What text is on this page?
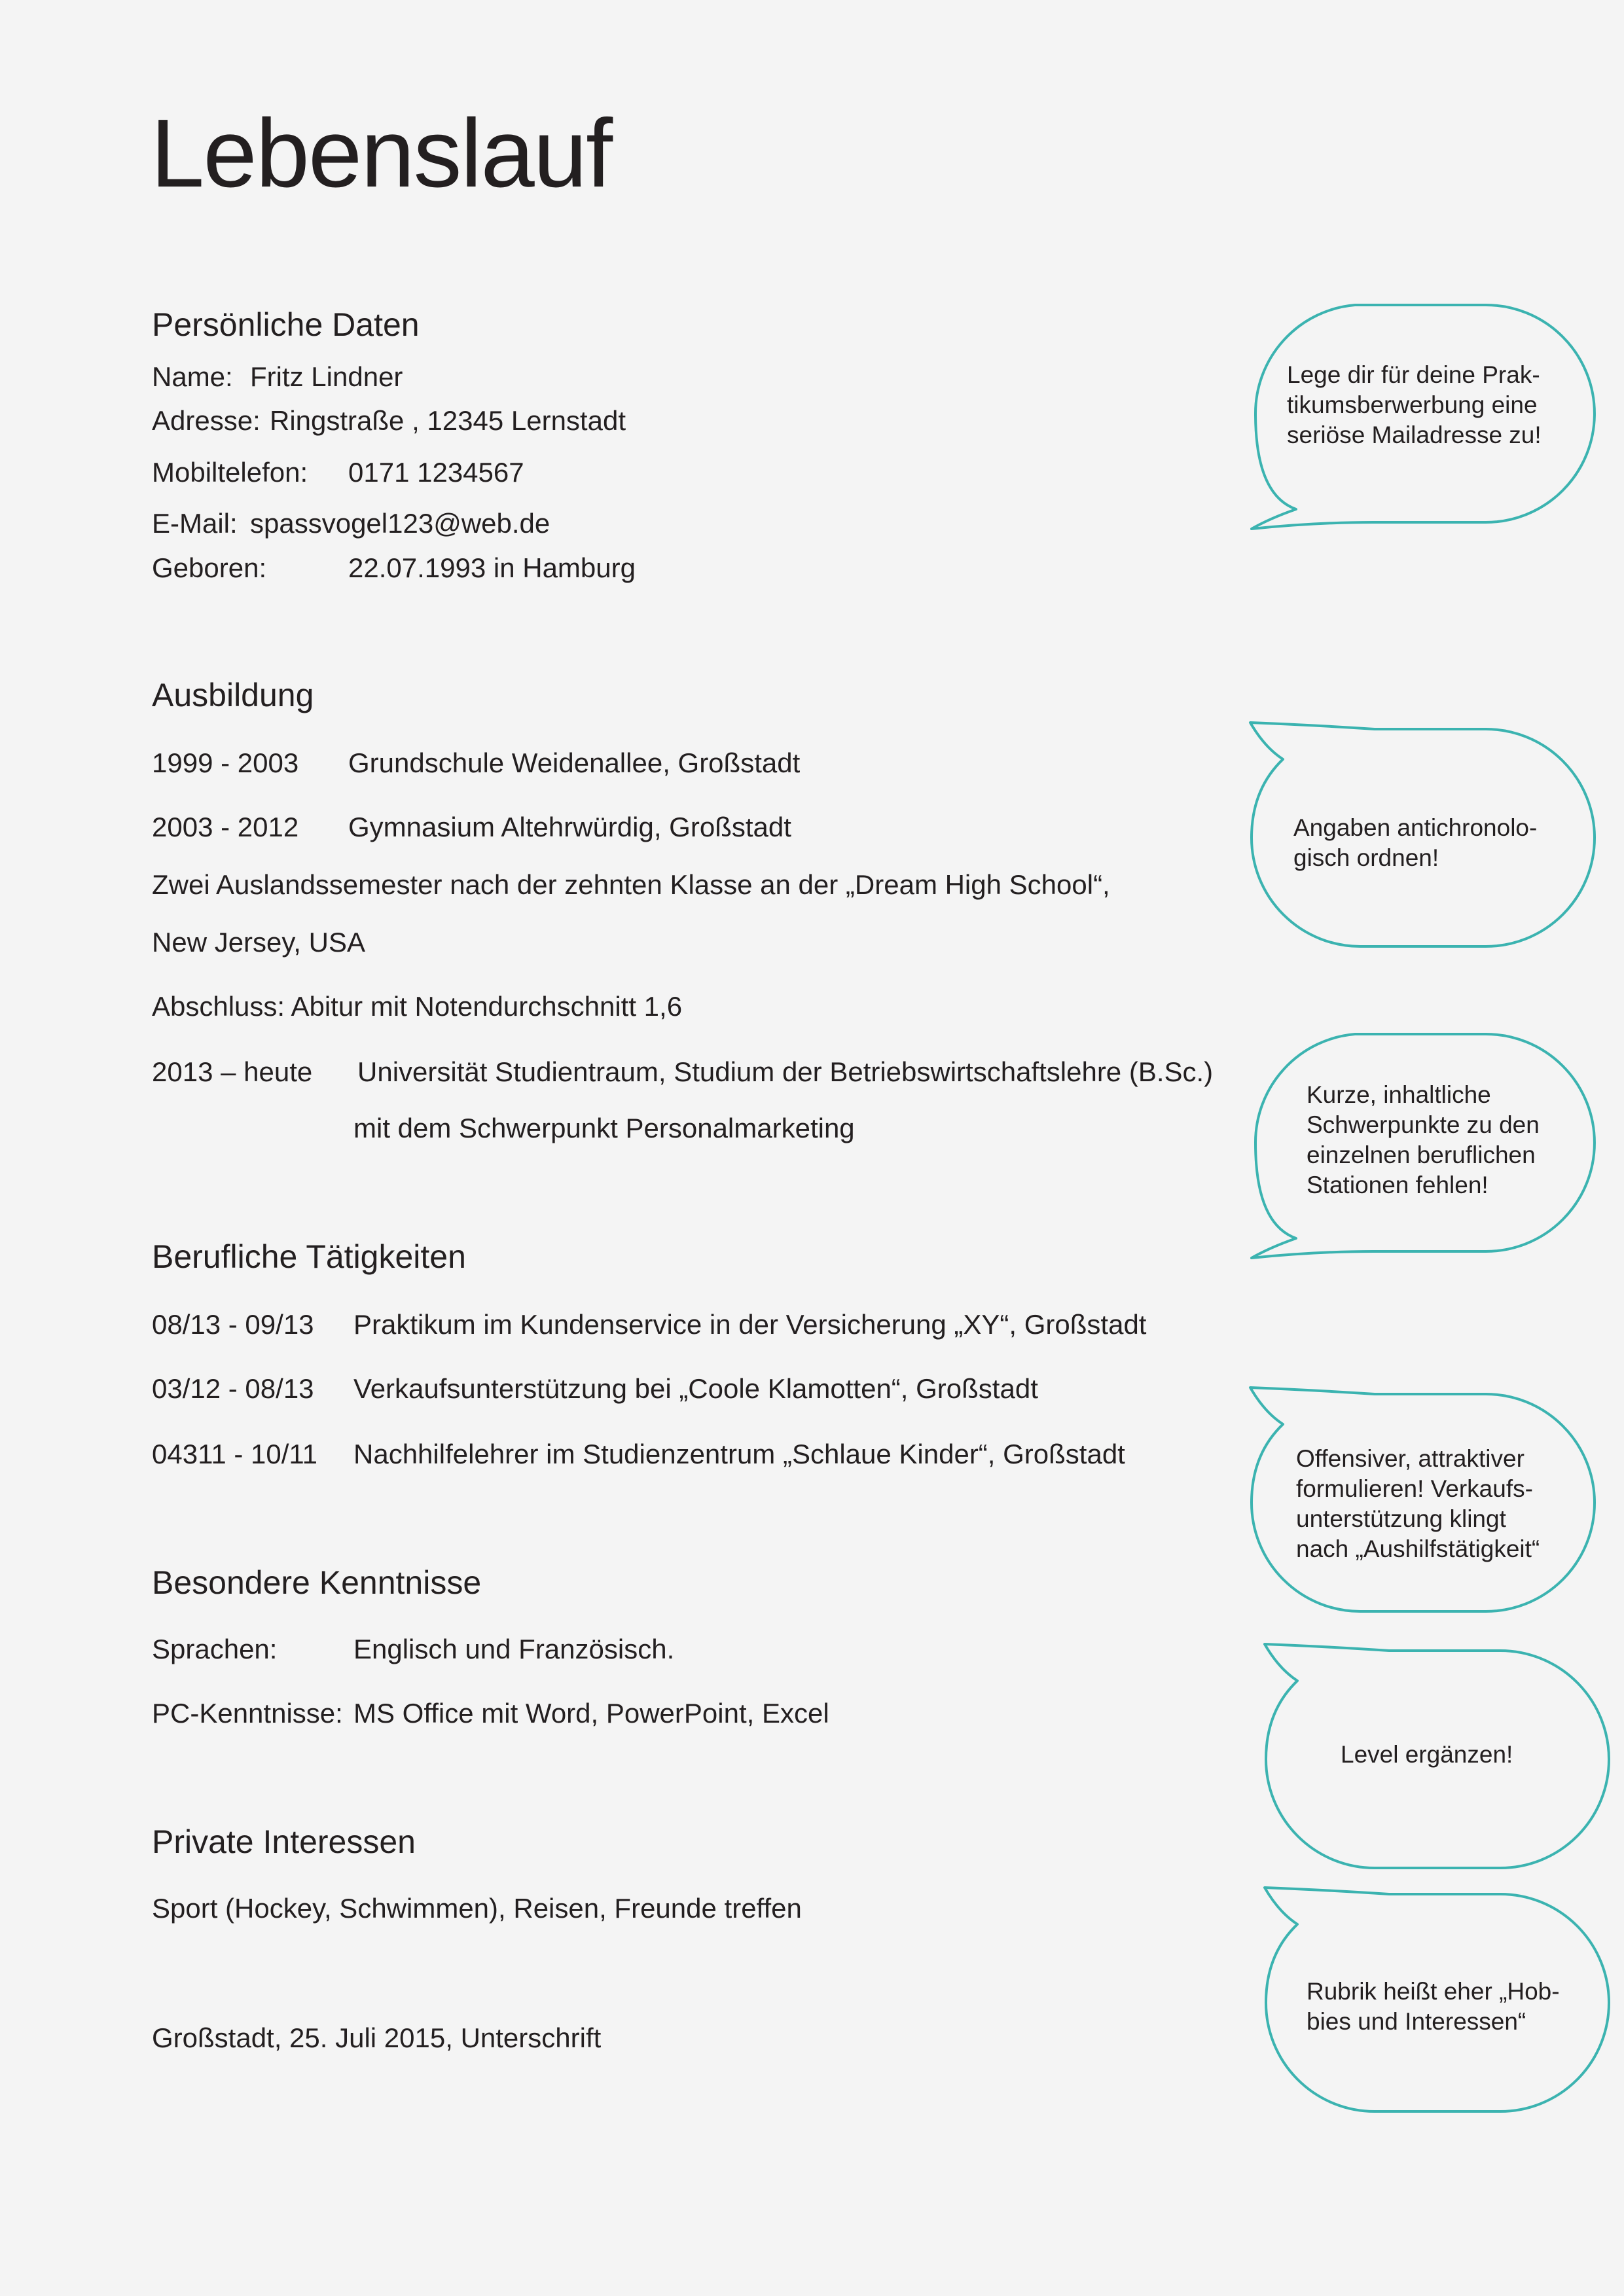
Lebenslauf
Persönliche Daten
Name: Fritz Lindner
Adresse: Ringstraße , 12345 Lernstadt
Mobiltelefon: 0171 1234567
E-Mail: spassvogel123@web.de
Geboren:	22.07.1993 in Hamburg
Ausbildung
1999 - 2003 Grundschule Weidenallee, Großstadt
2003 - 2012 Gymnasium Altehrwürdig, Großstadt
Zwei Auslandssemester nach der zehnten Klasse an der „Dream High School“,
New Jersey, USA
Abschluss: Abitur mit Notendurchschnitt 1,6
2013 – heute Universität Studientraum, Studium der Betriebswirtschaftslehre (B.Sc.)
mit dem Schwerpunkt Personalmarketing
Berufliche Tätigkeiten
08/13 - 09/13 Praktikum im Kundenservice in der Versicherung „XY“, Großstadt
03/12 - 08/13 Verkaufsunterstützung bei „Coole Klamotten“, Großstadt
04311 - 10/11 Nachhilfelehrer im Studienzentrum „Schlaue Kinder“, Großstadt
Besondere Kenntnisse
Sprachen:	Englisch und Französisch.
PC-Kenntnisse: MS Office mit Word, PowerPoint, Excel
Private Interessen
Sport (Hockey, Schwimmen), Reisen, Freunde treffen
Großstadt, 25. Juli 2015, Unterschrift
Lege dir für deine Prak-
tikumsberwerbung eine
seriöse Mailadresse zu!
Angaben antichronolo-
gisch ordnen!
Kurze, inhaltliche
Schwerpunkte zu den
einzelnen beruflichen
Stationen fehlen!
Offensiver, attraktiver
formulieren! Verkaufs-
unterstützung klingt
nach „Aushilfstätigkeit“
Level ergänzen!
Rubrik heißt eher „Hob-
bies und Interessen“
